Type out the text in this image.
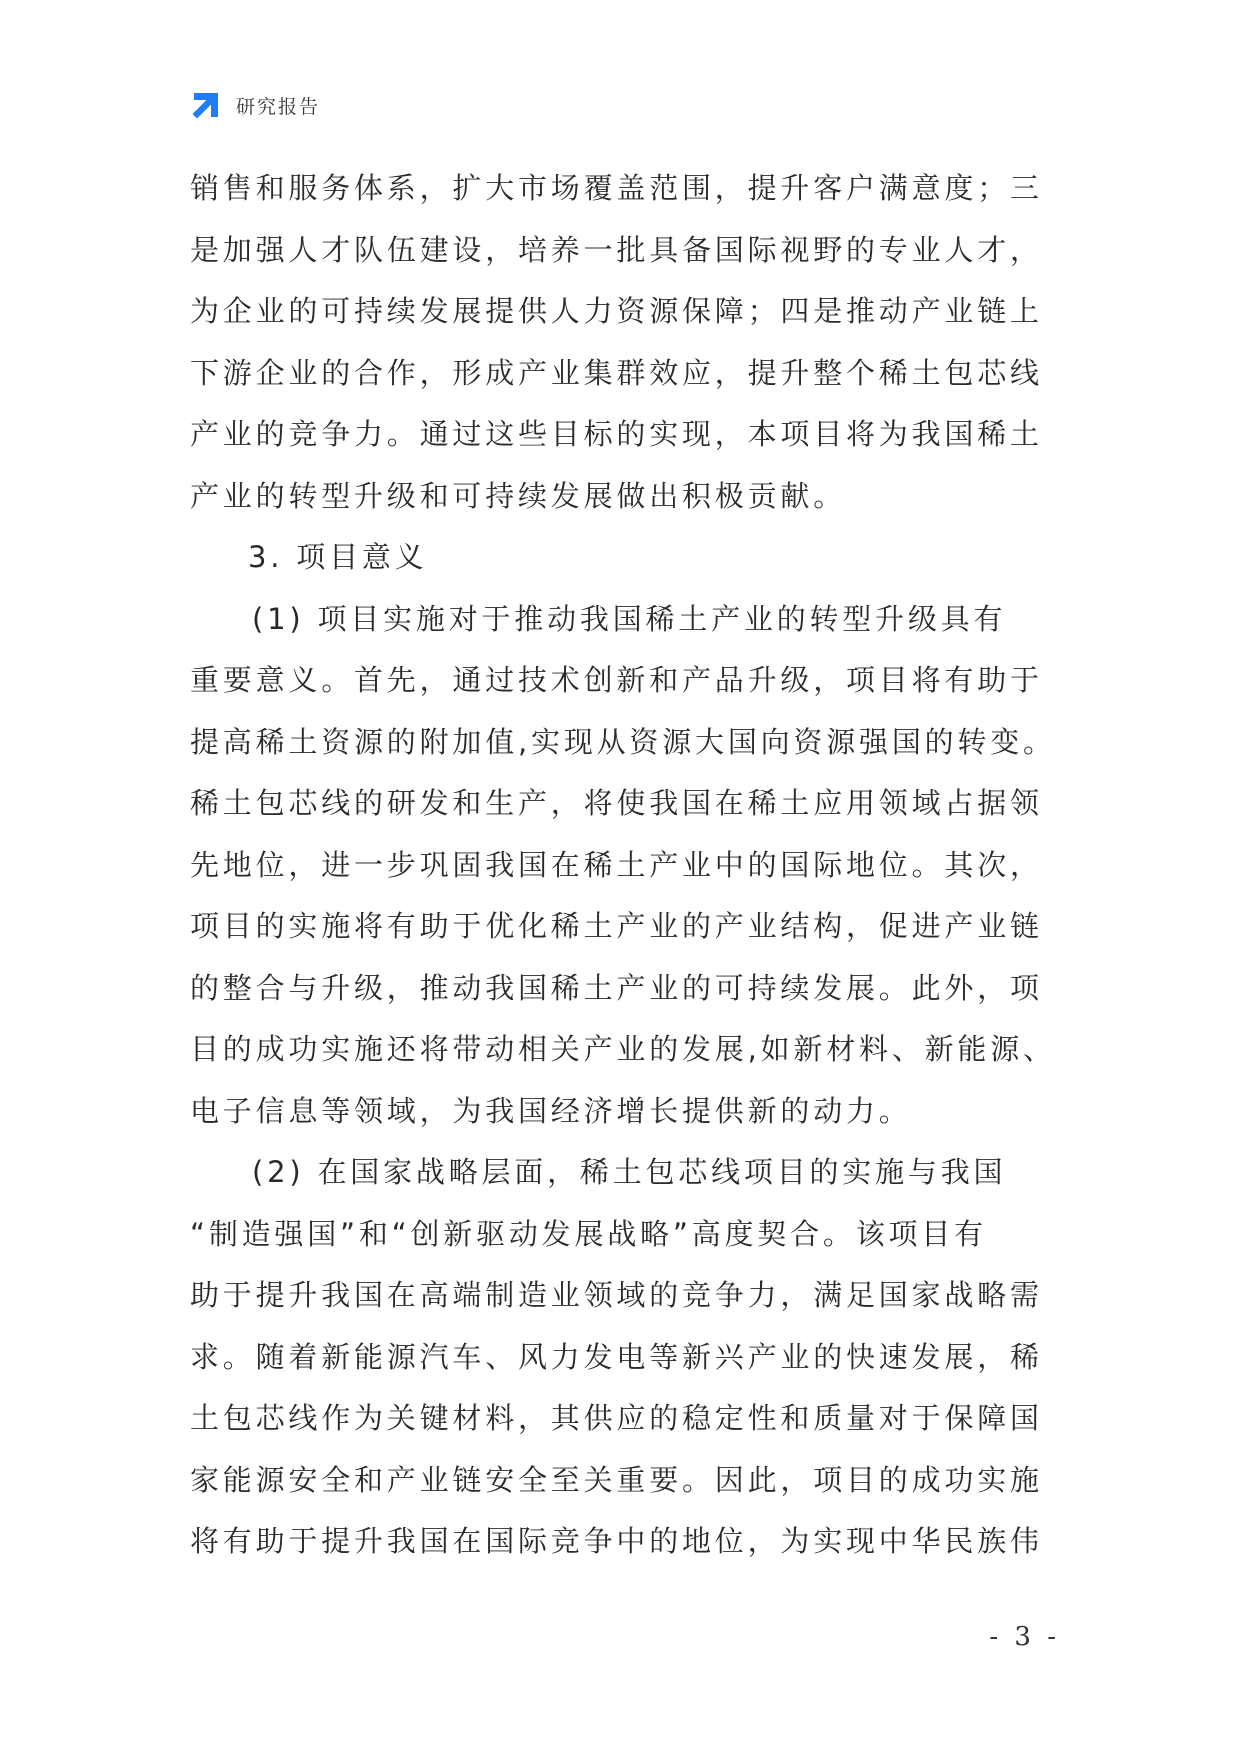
研究报告
销售和服务体系，扩大市场覆盖范围，提升客户满意度；三
是加强人才队伍建设，培养一批具备国际视野的专业人才，
为企业的可持续发展提供人力资源保障；四是推动产业链上
下游企业的合作，形成产业集群效应，提升整个稀土包芯线
产业的竞争力。通过这些目标的实现，本项目将为我国稀土
产业的转型升级和可持续发展做出积极贡献。
3. 项目意义
(1) 项目实施对于推动我国稀土产业的转型升级具有
重要意义。首先，通过技术创新和产品升级，项目将有助于
提高稀土资源的附加值,实现从资源大国向资源强国的转变。
稀土包芯线的研发和生产，将使我国在稀土应用领域占据领
先地位，进一步巩固我国在稀土产业中的国际地位。其次，
项目的实施将有助于优化稀土产业的产业结构，促进产业链
的整合与升级，推动我国稀土产业的可持续发展。此外，项
目的成功实施还将带动相关产业的发展,如新材料、新能源、
电子信息等领域，为我国经济增长提供新的动力。
(2) 在国家战略层面，稀土包芯线项目的实施与我国
“制造强国”和“创新驱动发展战略”高度契合。该项目有
助于提升我国在高端制造业领域的竞争力，满足国家战略需
求。随着新能源汽车、风力发电等新兴产业的快速发展，稀
土包芯线作为关键材料，其供应的稳定性和质量对于保障国
家能源安全和产业链安全至关重要。因此，项目的成功实施
将有助于提升我国在国际竞争中的地位，为实现中华民族伟
- 3 -
